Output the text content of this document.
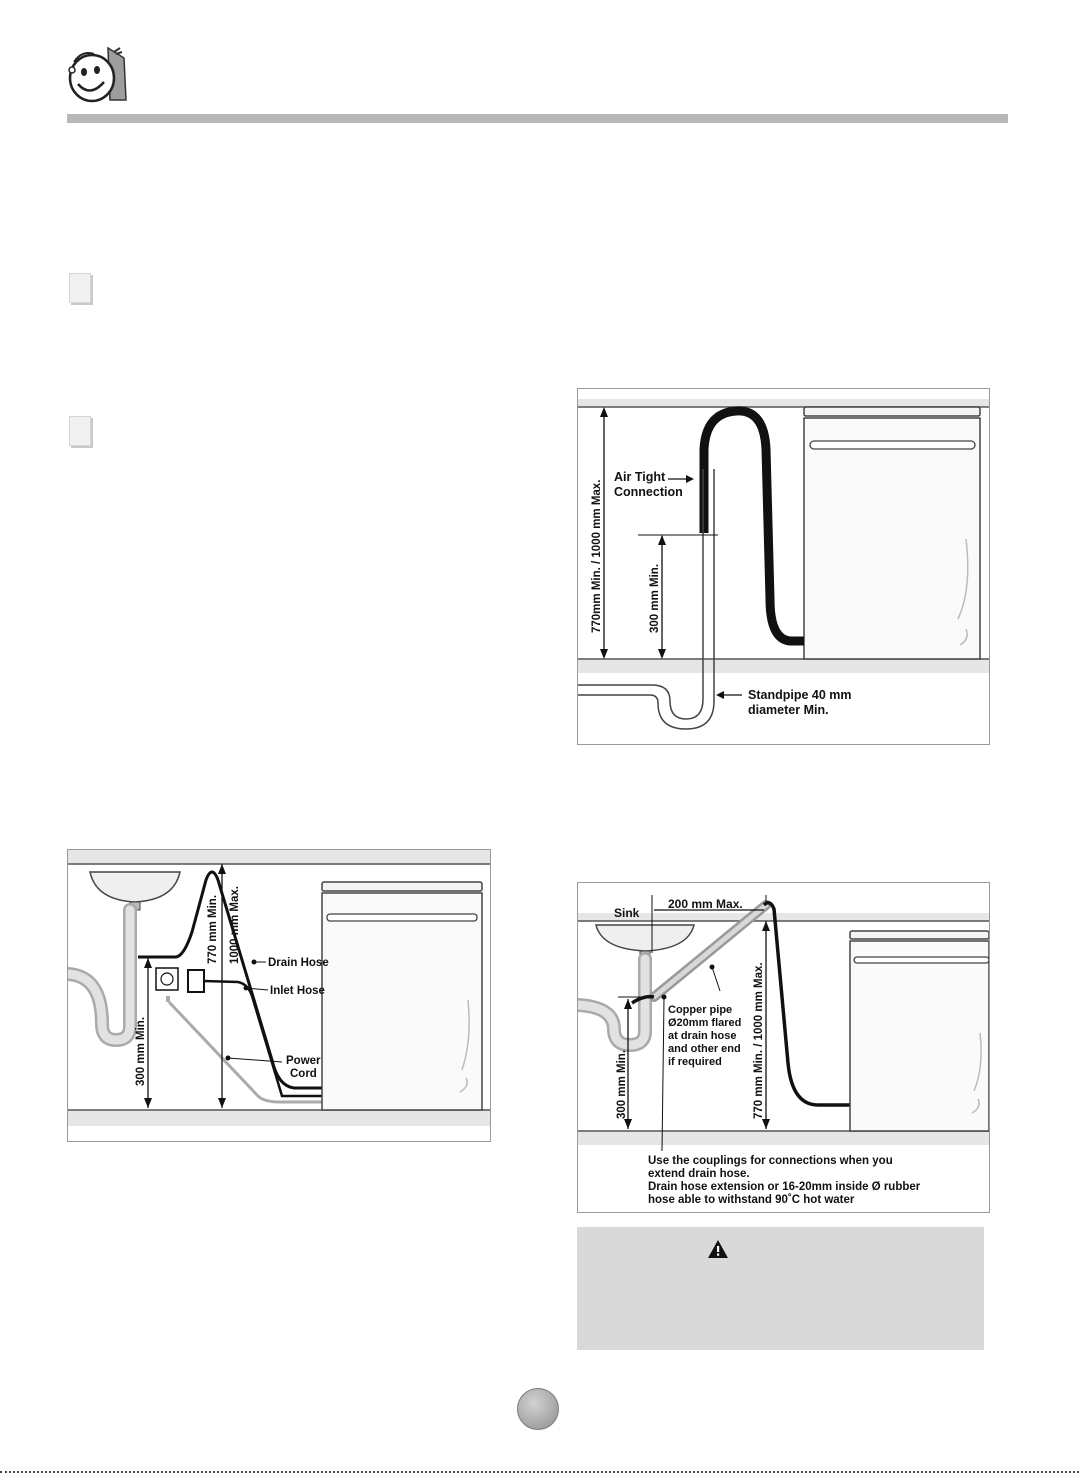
Air Tight
Connection
770mm Min. / 1000 mm Max.	300 mm Min.
Standpipe 40 mm
diameter Min.
300 mm Min.
770 mm Min. 1000 mm Max. Drain Hose
Inlet Hose
Power
Cord
Sink
200 mm Max.
Copper pipe
Ø20mm flared
at drain hose
and other end
if required
300 mm Min.	770 mm Min. / 1000 mm Max.
Use the couplings for connections when you
extend drain hose.
Drain hose extension or 16-20mm inside Ø rubber
hose able to withstand 90˚C hot water
